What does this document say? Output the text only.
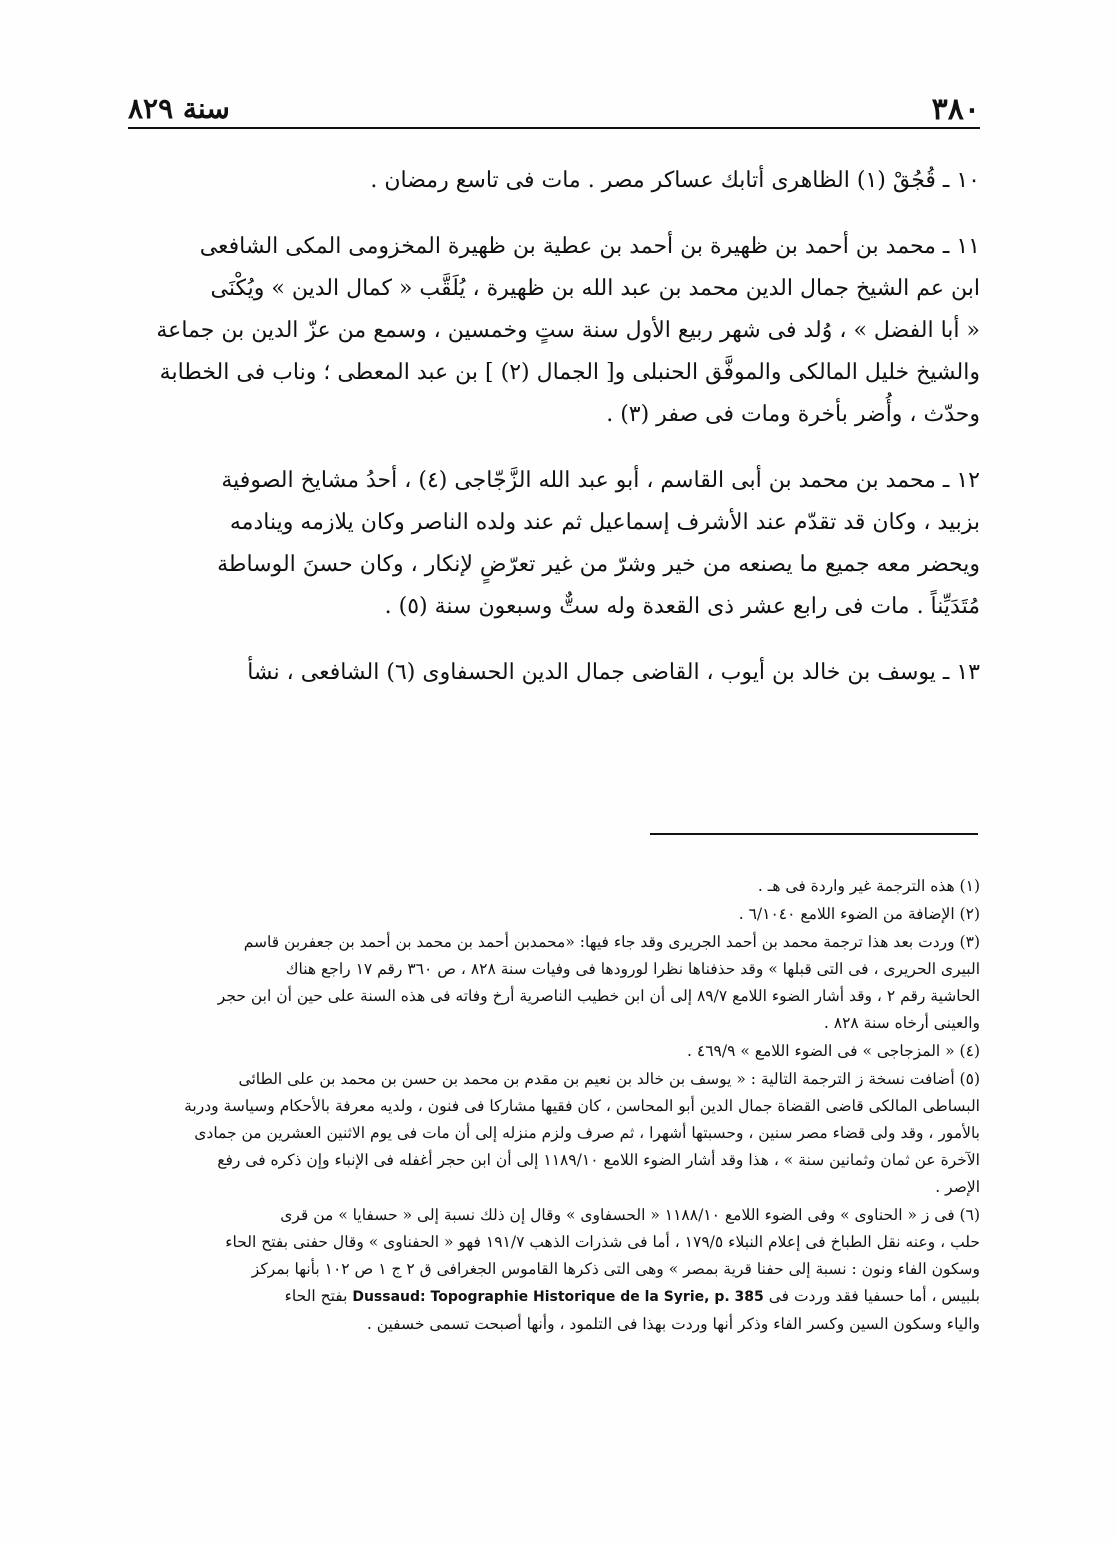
٣٨٠
سنة ٨٢٩

١٠ ـ قُجُقْ (١) الظاهرى أتابك عساكر مصر . مات فى تاسع رمضان .

١١ ـ محمد بن أحمد بن ظهيرة بن أحمد بن عطية بن ظهيرة المخزومى المكى الشافعى

ابن عم الشيخ جمال الدين محمد بن عبد الله بن ظهيرة ، يُلَقَّب « كمال الدين » ويُكْنَى

« أبا الفضل » ، وُلد فى شهر ربيع الأول سنة ستٍ وخمسين ، وسمع من عزّ الدين بن جماعة

والشيخ خليل المالكى والموفَّق الحنبلى و[ الجمال (٢) ] بن عبد المعطى ؛ وناب فى الخطابة

وحدّث ، وأُضر بأخرة ومات فى صفر (٣) .

١٢ ـ محمد بن محمد بن أبى القاسم ، أبو عبد الله الزَّجّاجى (٤) ، أحدُ مشايخ الصوفية

بزبيد ، وكان قد تقدّم عند الأشرف إسماعيل ثم عند ولده الناصر وكان يلازمه وينادمه

ويحضر معه جميع ما يصنعه من خير وشرّ من غير تعرّضٍ لإنكار ، وكان حسنَ الوساطة

مُتَدَيِّناً . مات فى رابع عشر ذى القعدة وله ستٌّ وسبعون سنة (٥) .

١٣ ـ يوسف بن خالد بن أيوب ، القاضى جمال الدين الحسفاوى (٦) الشافعى ، نشأ

(١) هذه الترجمة غير واردة فى هـ .
(٢) الإضافة من الضوء اللامع ٦/١٠٤٠ .
(٣) وردت بعد هذا ترجمة محمد بن أحمد الجريرى وقد جاء فيها: «محمدبن أحمد بن محمد بن أحمد بن جعفربن قاسم
البيرى الحريرى ، فى التى قبلها » وقد حذفناها نظرا لورودها فى وفيات سنة ٨٢٨ ، ص ٣٦٠ رقم ١٧ راجع هناك
الحاشية رقم ٢ ، وقد أشار الضوء اللامع ٨٩/٧ إلى أن ابن خطيب الناصرية أرخ وفاته فى هذه السنة على حين أن ابن حجر
والعينى أرخاه سنة ٨٢٨ .
(٤) « المزجاجى » فى الضوء اللامع » ٤٦٩/٩ .
(٥) أضافت نسخة ز الترجمة التالية : « يوسف بن خالد بن نعيم بن مقدم بن محمد بن حسن بن محمد بن على الطائى
البساطى المالكى قاضى القضاة جمال الدين أبو المحاسن ، كان فقيها مشاركا فى فنون ، ولديه معرفة بالأحكام وسياسة ودربة
بالأمور ، وقد ولى قضاء مصر سنين ، وحسبتها أشهرا ، ثم صرف ولزم منزله إلى أن مات فى يوم الاثنين العشرين من جمادى
الآخرة عن ثمان وثمانين سنة » ، هذا وقد أشار الضوء اللامع ١١٨٩/١٠ إلى أن ابن حجر أغفله فى الإنباء وإن ذكره فى رفع
الإصر .
(٦) فى ز « الحناوى » وفى الضوء اللامع ١١٨٨/١٠ « الحسفاوى » وقال إن ذلك نسبة إلى « حسفايا » من قرى
حلب ، وعنه نقل الطباخ فى إعلام النبلاء ١٧٩/٥ ، أما فى شذرات الذهب ١٩١/٧ فهو « الحفناوى » وقال حفنى بفتح الحاء
وسكون الفاء ونون : نسبة إلى حفنا قرية بمصر » وهى التى ذكرها القاموس الجغرافى ق ٢ ج ١ ص ١٠٢ بأنها بمركز
بلبيس ، أما حسفيا فقد وردت فى Dussaud: Topographie Historique de la Syrie, p. 385 بفتح الحاء
والياء وسكون السين وكسر الفاء وذكر أنها وردت بهذا فى التلمود ، وأنها أصبحت تسمى خسفين .
